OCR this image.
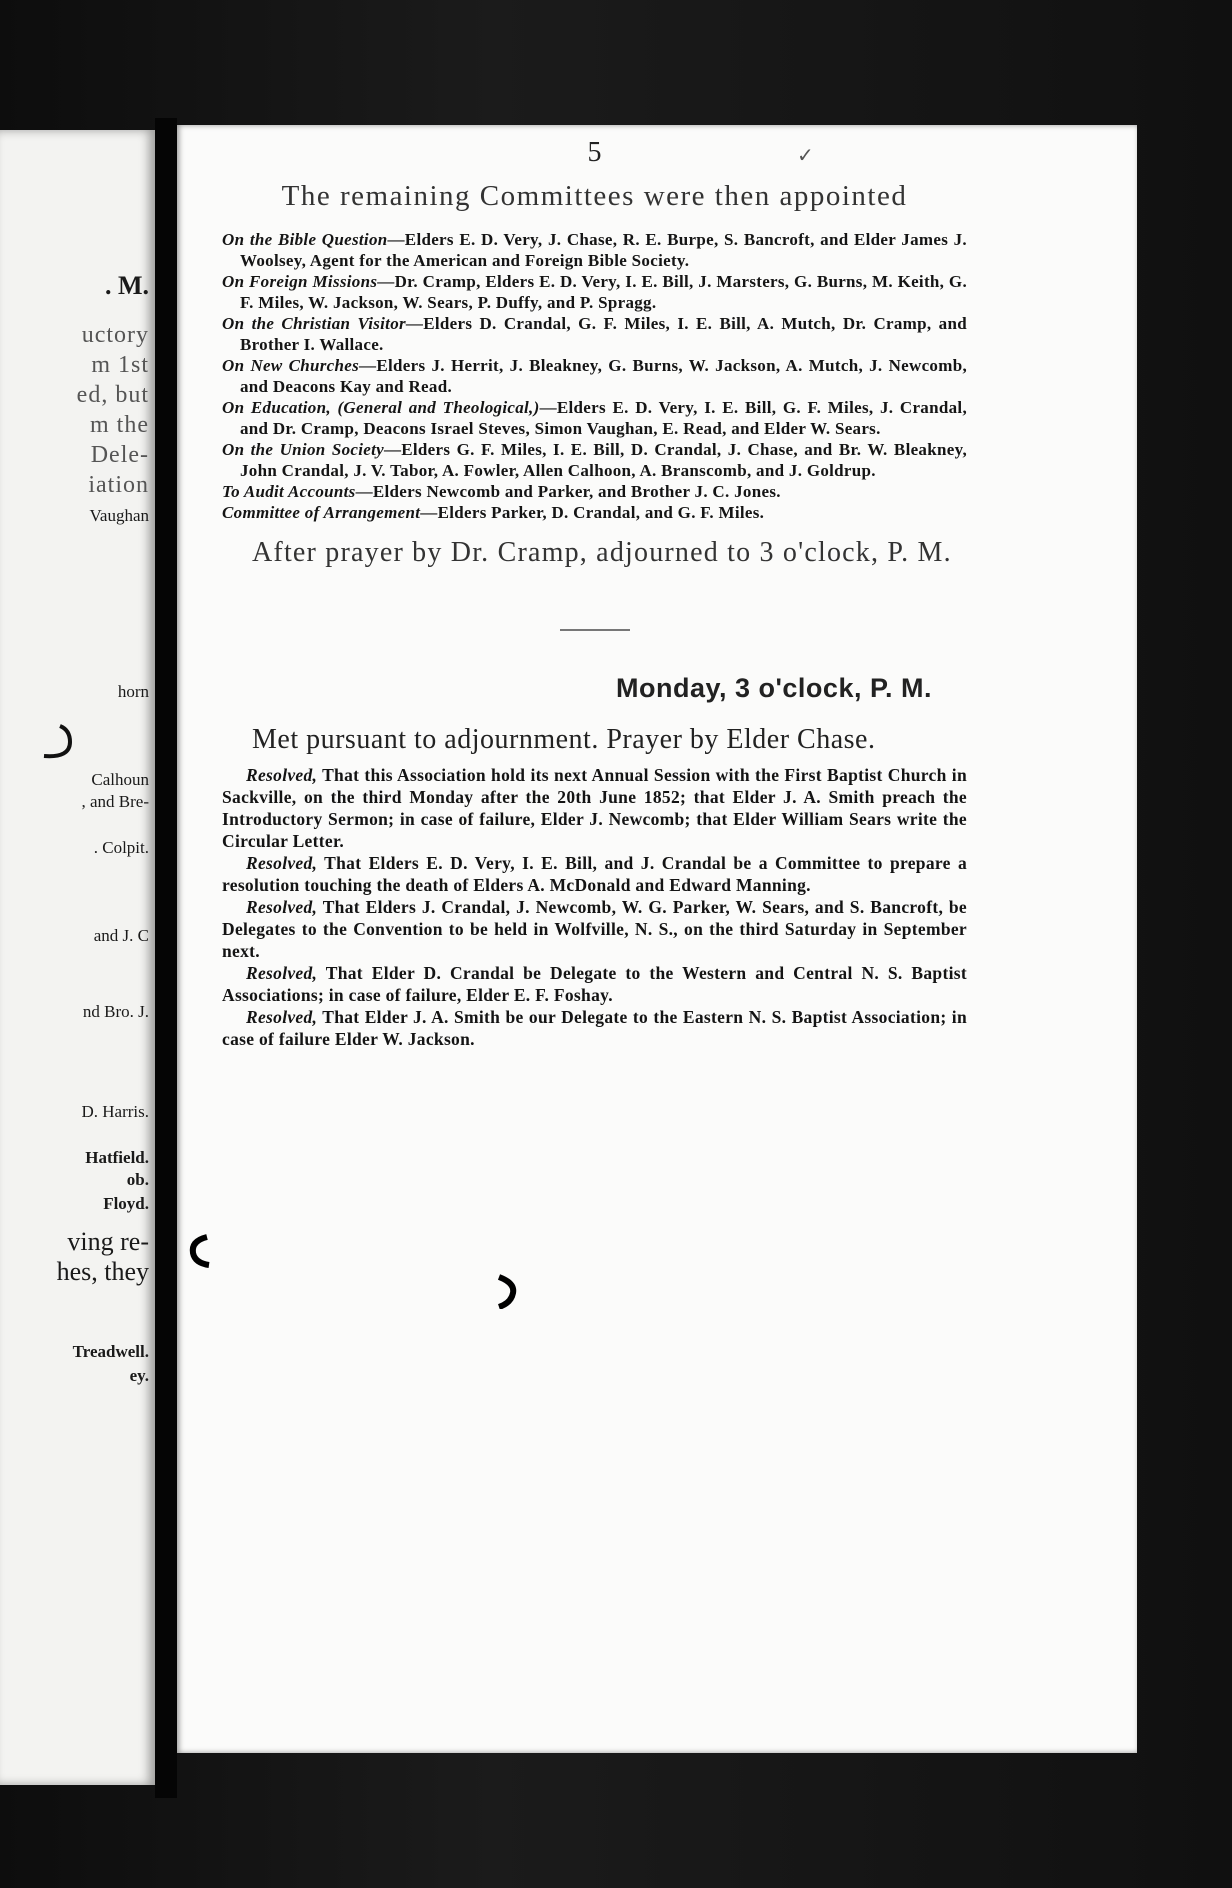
. M.

uctory

m 1st

ed, but

m the

Dele-

iation

Vaughan

horn

Calhoun

, and Bre-

. Colpit.

and J. C

nd Bro. J.

D. Harris.

Hatfield.

ob.

Floyd.

ving re-

hes, they

Treadwell.

ey.

✓

5

The remaining Committees were then appointed

On the Bible Question—Elders E. D. Very, J. Chase, R. E. Burpe, S. Bancroft, and Elder James J. Woolsey, Agent for the American and Foreign Bible Society.

On Foreign Missions—Dr. Cramp, Elders E. D. Very, I. E. Bill, J. Marsters, G. Burns, M. Keith, G. F. Miles, W. Jackson, W. Sears, P. Duffy, and P. Spragg.

On the Christian Visitor—Elders D. Crandal, G. F. Miles, I. E. Bill, A. Mutch, Dr. Cramp, and Brother I. Wallace.

On New Churches—Elders J. Herrit, J. Bleakney, G. Burns, W. Jackson, A. Mutch, J. Newcomb, and Deacons Kay and Read.

On Education, (General and Theological,)—Elders E. D. Very, I. E. Bill, G. F. Miles, J. Crandal, and Dr. Cramp, Deacons Israel Steves, Simon Vaughan, E. Read, and Elder W. Sears.

On the Union Society—Elders G. F. Miles, I. E. Bill, D. Crandal, J. Chase, and Br. W. Bleakney, John Crandal, J. V. Tabor, A. Fowler, Allen Calhoon, A. Branscomb, and J. Goldrup.

To Audit Accounts—Elders Newcomb and Parker, and Brother J. C. Jones.

Committee of Arrangement—Elders Parker, D. Crandal, and G. F. Miles.

After prayer by Dr. Cramp, adjourned to 3 o'clock, P. M.

Monday, 3 o'clock, P. M.

Met pursuant to adjournment. Prayer by Elder Chase.

Resolved, That this Association hold its next Annual Session with the First Baptist Church in Sackville, on the third Monday after the 20th June 1852; that Elder J. A. Smith preach the Introductory Sermon; in case of failure, Elder J. Newcomb; that Elder William Sears write the Circular Letter.

Resolved, That Elders E. D. Very, I. E. Bill, and J. Crandal be a Committee to prepare a resolution touching the death of Elders A. McDonald and Edward Manning.

Resolved, That Elders J. Crandal, J. Newcomb, W. G. Parker, W. Sears, and S. Bancroft, be Delegates to the Convention to be held in Wolfville, N. S., on the third Saturday in September next.

Resolved, That Elder D. Crandal be Delegate to the Western and Central N. S. Baptist Associations; in case of failure, Elder E. F. Foshay.

Resolved, That Elder J. A. Smith be our Delegate to the Eastern N. S. Baptist Association; in case of failure Elder W. Jackson.
